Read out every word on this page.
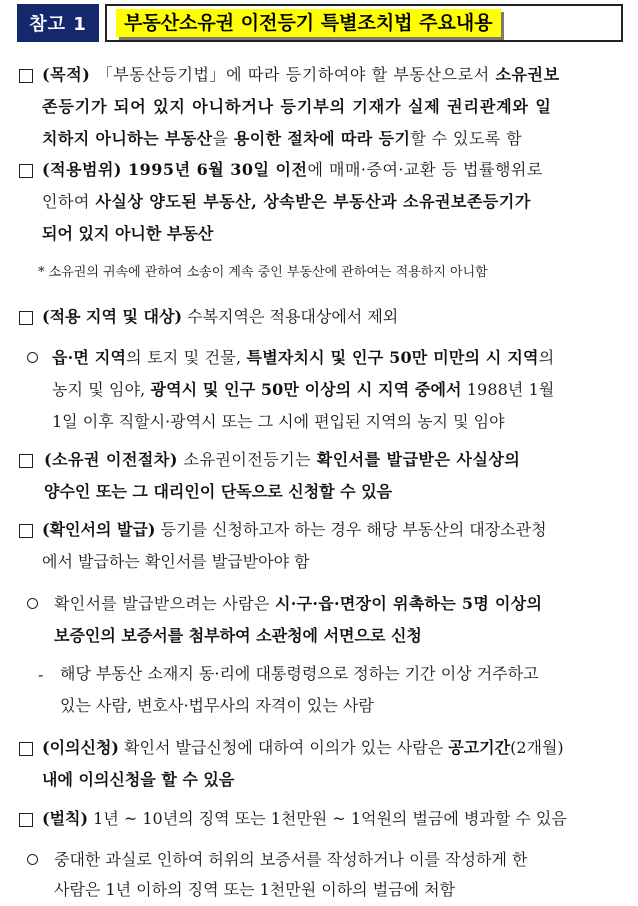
참고 1	부동산소유권 이전등기 특별조치법 주요내용
(목적) 「부동산등기법」에 따라 등기하여야 할 부동산으로서 소유권보
존등기가 되어 있지 아니하거나 등기부의 기재가 실제 권리관계와 일
치하지 아니하는 부동산을 용이한 절차에 따라 등기할 수 있도록 함
(적용범위) 1995년 6월 30일 이전에 매매·증여·교환 등 법률행위로
인하여 사실상 양도된 부동산, 상속받은 부동산과 소유권보존등기가
되어 있지 아니한 부동산
* 소유권의 귀속에 관하여 소송이 계속 중인 부동산에 관하여는 적용하지 아니함
(적용 지역 및 대상) 수복지역은 적용대상에서 제외
읍·면 지역의 토지 및 건물, 특별자치시 및 인구 50만 미만의 시 지역의
농지 및 임야, 광역시 및 인구 50만 이상의 시 지역 중에서 1988년 1월
1일 이후 직할시·광역시 또는 그 시에 편입된 지역의 농지 및 임야
(소유권 이전절차) 소유권이전등기는 확인서를 발급받은 사실상의
양수인 또는 그 대리인이 단독으로 신청할 수 있음
(확인서의 발급) 등기를 신청하고자 하는 경우 해당 부동산의 대장소관청
에서 발급하는 확인서를 발급받아야 함
확인서를 발급받으려는 사람은 시·구·읍·면장이 위촉하는 5명 이상의
보증인의 보증서를 첨부하여 소관청에 서면으로 신청
- 해당 부동산 소재지 동·리에 대통령령으로 정하는 기간 이상 거주하고
있는 사람, 변호사·법무사의 자격이 있는 사람
(이의신청) 확인서 발급신청에 대하여 이의가 있는 사람은 공고기간(2개월)
내에 이의신청을 할 수 있음
(벌칙) 1년 ~ 10년의 징역 또는 1천만원 ~ 1억원의 벌금에 병과할 수 있음
중대한 과실로 인하여 허위의 보증서를 작성하거나 이를 작성하게 한
사람은 1년 이하의 징역 또는 1천만원 이하의 벌금에 처함
